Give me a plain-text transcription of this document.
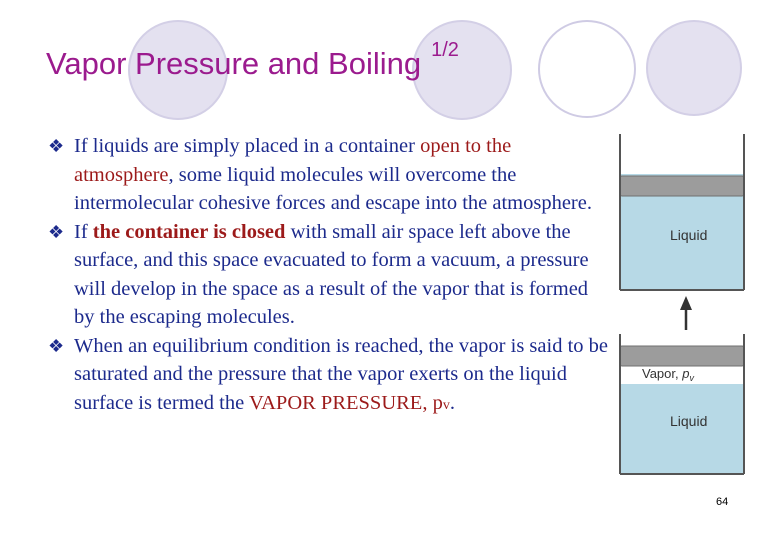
Vapor Pressure and Boiling $^{1/2}$
❖ If liquids are simply placed in a container open to the atmosphere, some liquid molecules will overcome the intermolecular cohesive forces and escape into the atmosphere.
❖ If the container is closed with small air space left above the surface, and this space evacuated to form a vacuum, a pressure will develop in the space as a result of the vapor that is formed by the escaping molecules.
❖ When an equilibrium condition is reached, the vapor is said to be saturated and the pressure that the vapor exerts on the liquid surface is termed the VAPOR PRESSURE, pv.
Liquid
Vapor, $p_v$
Liquid
64
